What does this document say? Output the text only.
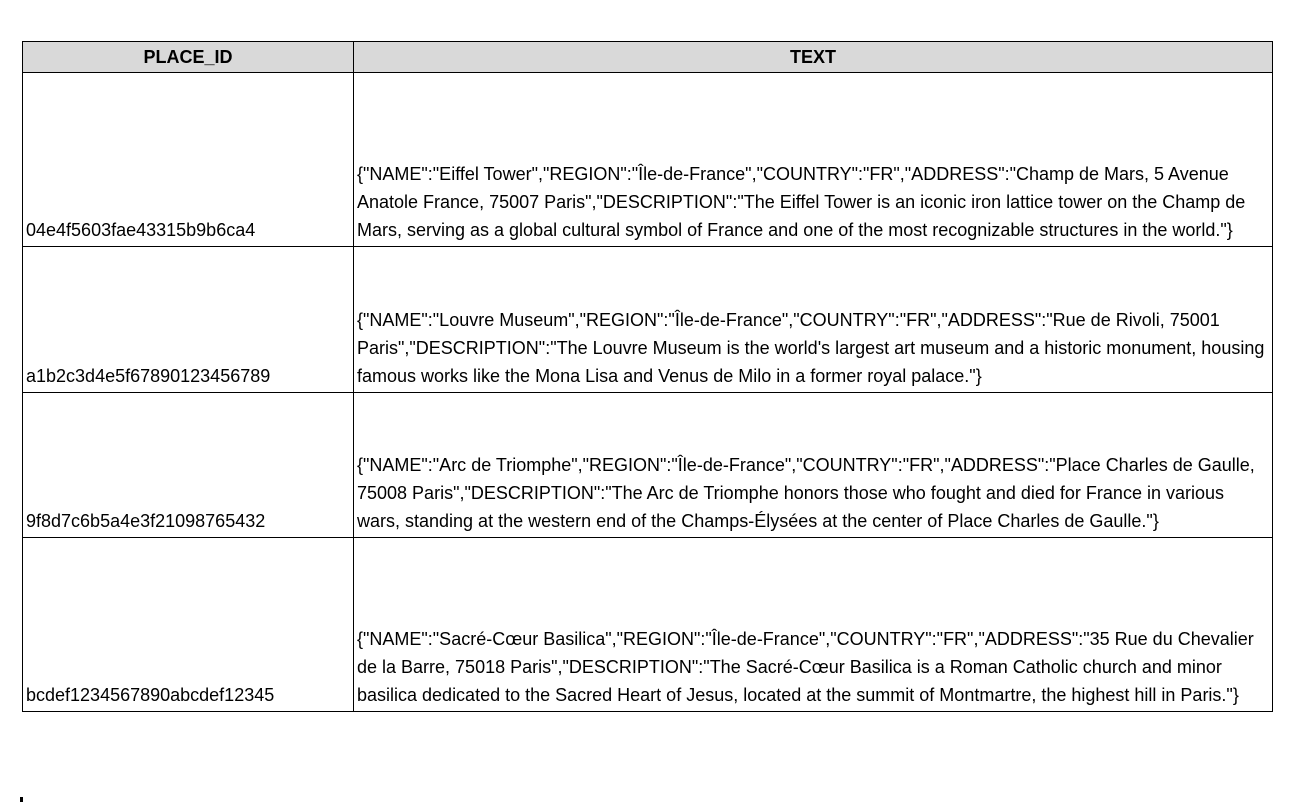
PLACE_ID	TEXT
04e4f5603fae43315b9b6ca4	{"NAME":"Eiffel Tower","REGION":"Île-de-France","COUNTRY":"FR","ADDRESS":"Champ de Mars, 5 Avenue Anatole France, 75007 Paris","DESCRIPTION":"The Eiffel Tower is an iconic iron lattice tower on the Champ de Mars, serving as a global cultural symbol of France and one of the most recognizable structures in the world."}
a1b2c3d4e5f67890123456789	{"NAME":"Louvre Museum","REGION":"Île-de-France","COUNTRY":"FR","ADDRESS":"Rue de Rivoli, 75001 Paris","DESCRIPTION":"The Louvre Museum is the world's largest art museum and a historic monument, housing famous works like the Mona Lisa and Venus de Milo in a former royal palace."}
9f8d7c6b5a4e3f21098765432	{"NAME":"Arc de Triomphe","REGION":"Île-de-France","COUNTRY":"FR","ADDRESS":"Place Charles de Gaulle, 75008 Paris","DESCRIPTION":"The Arc de Triomphe honors those who fought and died for France in various wars, standing at the western end of the Champs-Élysées at the center of Place Charles de Gaulle."}
bcdef1234567890abcdef12345	{"NAME":"Sacré-Cœur Basilica","REGION":"Île-de-France","COUNTRY":"FR","ADDRESS":"35 Rue du Chevalier de la Barre, 75018 Paris","DESCRIPTION":"The Sacré-Cœur Basilica is a Roman Catholic church and minor basilica dedicated to the Sacred Heart of Jesus, located at the summit of Montmartre, the highest hill in Paris."}
